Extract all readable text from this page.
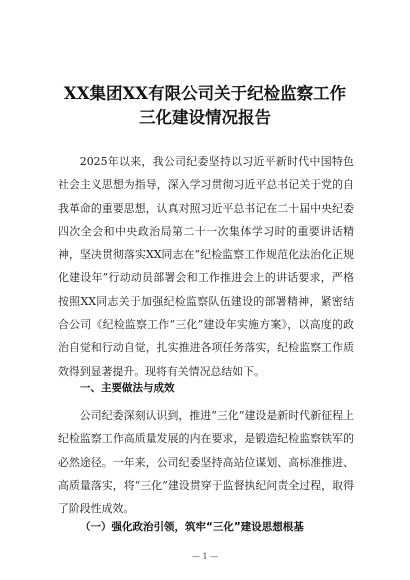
XX集团XX有限公司关于纪检监察工作
三化建设情况报告

2025年以来，我公司纪委坚持以习近平新时代中国特色社会主义思想为指导，深入学习贯彻习近平总书记关于党的自我革命的重要思想，认真对照习近平总书记在二十届中央纪委四次全会和中央政治局第二十一次集体学习时的重要讲话精神，坚决贯彻落实XX同志在“纪检监察工作规范化法治化正规化建设年”行动动员部署会和工作推进会上的讲话要求，严格按照XX同志关于加强纪检监察队伍建设的部署精神，紧密结合公司《纪检监察工作“三化”建设年实施方案》，以高度的政治自觉和行动自觉，扎实推进各项任务落实，纪检监察工作质效得到显著提升。现将有关情况总结如下。

一、主要做法与成效

公司纪委深刻认识到，推进“三化”建设是新时代新征程上纪检监察工作高质量发展的内在要求，是锻造纪检监察铁军的必然途径。一年来，公司纪委坚持高站位谋划、高标准推进、高质量落实，将“三化”建设贯穿于监督执纪问责全过程，取得了阶段性成效。

（一）强化政治引领，筑牢“三化”建设思想根基

— 1 —
